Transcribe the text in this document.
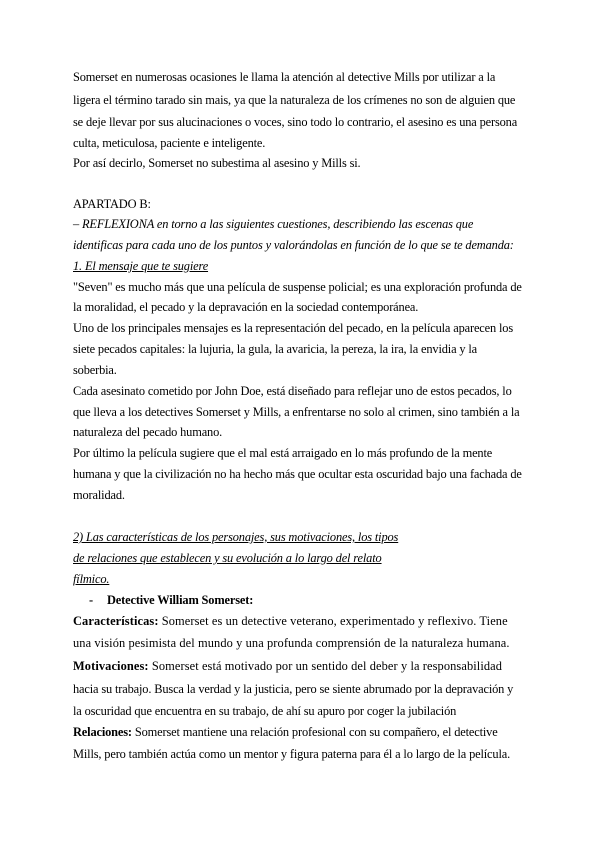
Somerset en numerosas ocasiones le llama la atención al detective Mills por utilizar a la
ligera el término tarado sin mais, ya que la naturaleza de los crímenes no son de alguien que
se deje llevar por sus alucinaciones o voces, sino todo lo contrario, el asesino es una persona
culta, meticulosa, paciente e inteligente.
Por así decirlo, Somerset no subestima al asesino y Mills si.
APARTADO B:
– REFLEXIONA en torno a las siguientes cuestiones, describiendo las escenas que
identificas para cada uno de los puntos y valorándolas en función de lo que se te demanda:
1. El mensaje que te sugiere
"Seven" es mucho más que una película de suspense policial; es una exploración profunda de
la moralidad, el pecado y la depravación en la sociedad contemporánea.
Uno de los principales mensajes es la representación del pecado, en la película aparecen los
siete pecados capitales: la lujuria, la gula, la avaricia, la pereza, la ira, la envidia y la
soberbia.
Cada asesinato cometido por John Doe, está diseñado para reflejar uno de estos pecados, lo
que lleva a los detectives Somerset y Mills, a enfrentarse no solo al crimen, sino también a la
naturaleza del pecado humano.
Por último la película sugiere que el mal está arraigado en lo más profundo de la mente
humana y que la civilización no ha hecho más que ocultar esta oscuridad bajo una fachada de
moralidad.
2) Las características de los personajes, sus motivaciones, los tipos
de relaciones que establecen y su evolución a lo largo del relato
fílmico.
- Detective William Somerset:
Características: Somerset es un detective veterano, experimentado y reflexivo. Tiene
una visión pesimista del mundo y una profunda comprensión de la naturaleza humana.
Motivaciones: Somerset está motivado por un sentido del deber y la responsabilidad
hacia su trabajo. Busca la verdad y la justicia, pero se siente abrumado por la depravación y
la oscuridad que encuentra en su trabajo, de ahí su apuro por coger la jubilación
Relaciones: Somerset mantiene una relación profesional con su compañero, el detective
Mills, pero también actúa como un mentor y figura paterna para él a lo largo de la película.
